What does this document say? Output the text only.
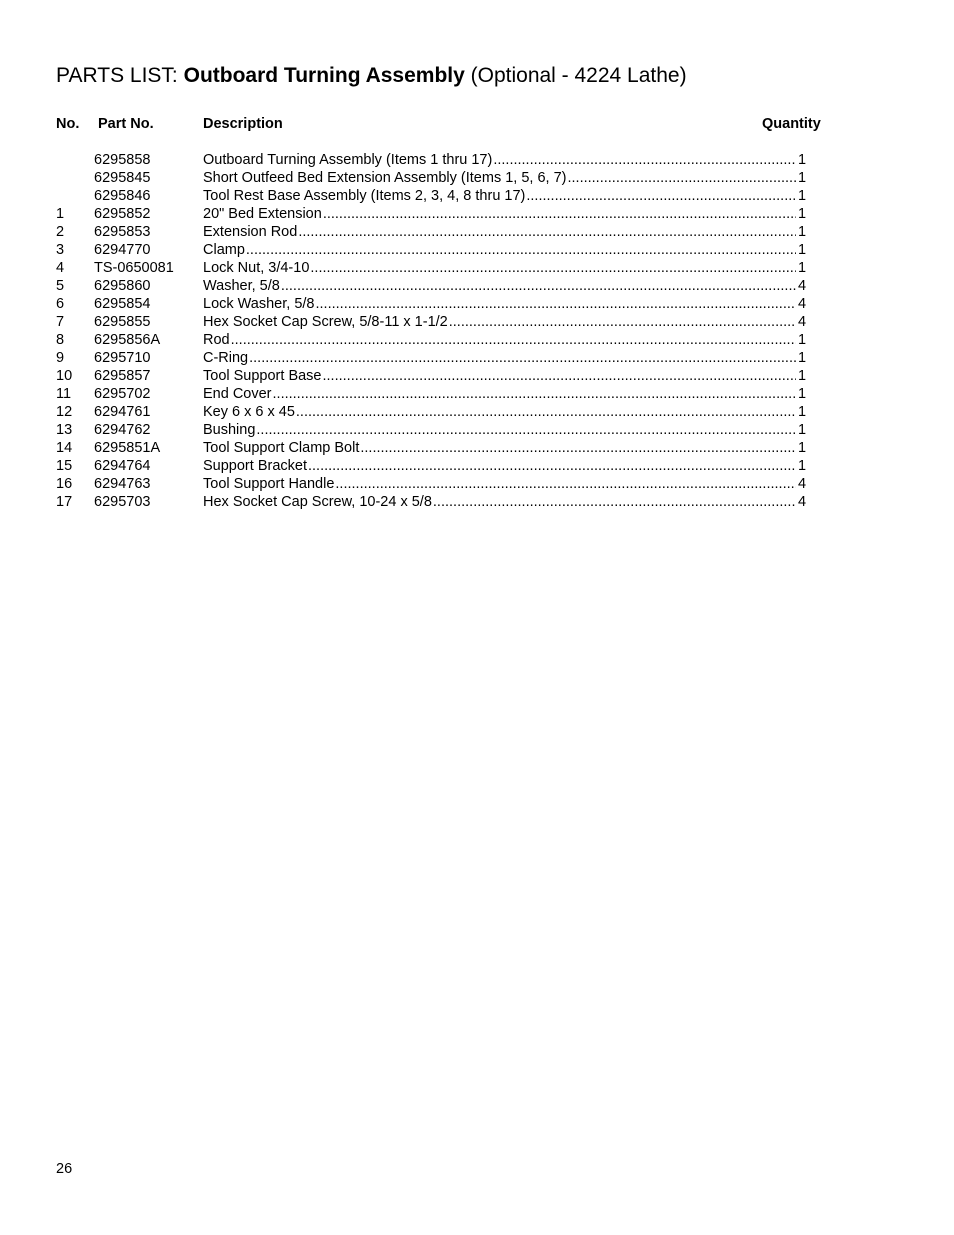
PARTS LIST: Outboard Turning Assembly (Optional - 4224 Lathe)
No. Part No.	Description	Quantity
6295858	Outboard Turning Assembly (Items 1 thru 17) .....	1
6295845	Short Outfeed Bed Extension Assembly (Items 1, 5, 6, 7) .....	1
6295846	Tool Rest Base Assembly (Items 2, 3, 4, 8 thru 17) .....	1
1 6295852	20" Bed Extension .....	1
2 6295853	Extension Rod .....	1
3 6294770	Clamp .....	1
4 TS-0650081 Lock Nut, 3/4-10 .....	1
5 6295860	Washer, 5/8 .....	4
6 6295854	Lock Washer, 5/8 .....	4
7 6295855	Hex Socket Cap Screw, 5/8-11 x 1-1/2 .....	4
8 6295856A	Rod .....	1
9 6295710	C-Ring .....	1
10 6295857	Tool Support Base .....	1
11 6295702	End Cover .....	1
12 6294761	Key 6 x 6 x 45 .....	1
13 6294762	Bushing .....	1
14 6295851A	Tool Support Clamp Bolt .....	1
15 6294764	Support Bracket .....	1
16 6294763	Tool Support Handle .....	4
17 6295703	Hex Socket Cap Screw, 10-24 x 5/8 .....	4
26
